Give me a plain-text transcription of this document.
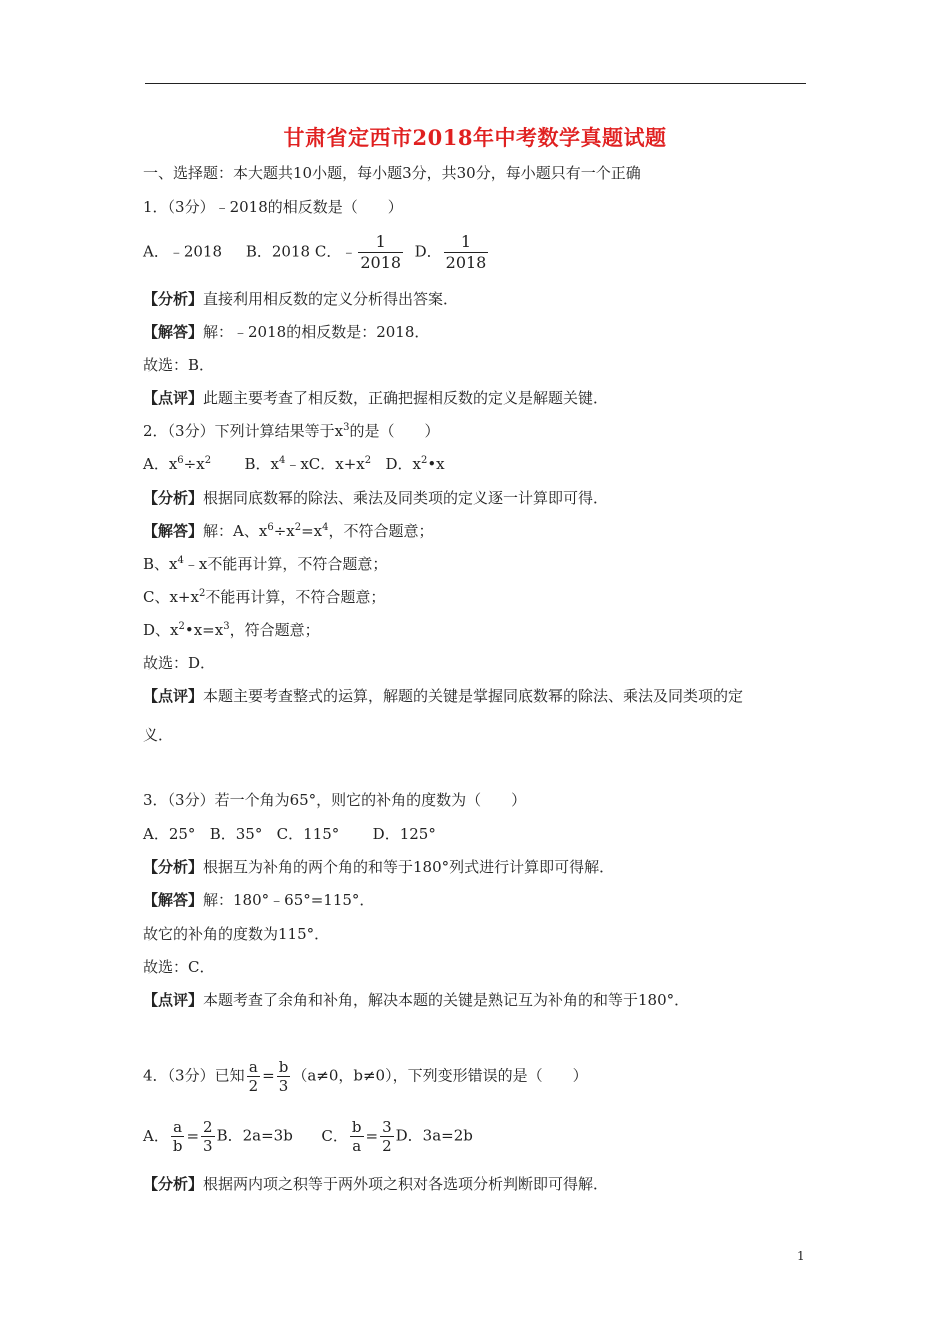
甘肃省定西市2018年中考数学真题试题
一、选择题：本大题共10小题，每小题3分，共30分，每小题只有一个正确
1．（3分）﹣2018的相反数是（　　）
A．﹣2018 B．2018 C．﹣ $\frac{1}{2018}$ D． $\frac{1}{2018}$
【分析】直接利用相反数的定义分析得出答案．
【解答】解：﹣2018的相反数是：2018．
故选：B．
【点评】此题主要考查了相反数，正确把握相反数的定义是解题关键．
2．（3分）下列计算结果等于$x^3$的是（　　）
A．$x^6\div x^2$ B．$x^4﹣xC$．$x+x^2$ D．$x^2•x$
【分析】根据同底数幂的除法、乘法及同类项的定义逐一计算即可得．
【解答】解：A、$x^6\div x^2=x^4$，不符合题意；
B、$x^4﹣x$不能再计算，不符合题意；
C、$x+x^2$不能再计算，不符合题意；
D、$x^2•x=x^3$，符合题意；
故选：D．
【点评】本题主要考查整式的运算，解题的关键是掌握同底数幂的除法、乘法及同类项的定
义．
3．（3分）若一个角为65°，则它的补角的度数为（　　）
A．25° B．35° C．115° D．125°
【分析】根据互为补角的两个角的和等于180°列式进行计算即可得解．
【解答】解：180°﹣65°=115°．
故它的补角的度数为115°．
故选：C．
【点评】本题考查了余角和补角，解决本题的关键是熟记互为补角的和等于180°．
4．（3分）已知 $\frac{a}{2} = \frac{b}{3} (a\ne 0$，b≠0），下列变形错误的是（　　）
A． $\frac{a}{b} = \frac{2}{3}$ B．2a=3b C． $\frac{b}{a} = \frac{3}{2}$ D．3a=2b
【分析】根据两内项之积等于两外项之积对各选项分析判断即可得解．
1
